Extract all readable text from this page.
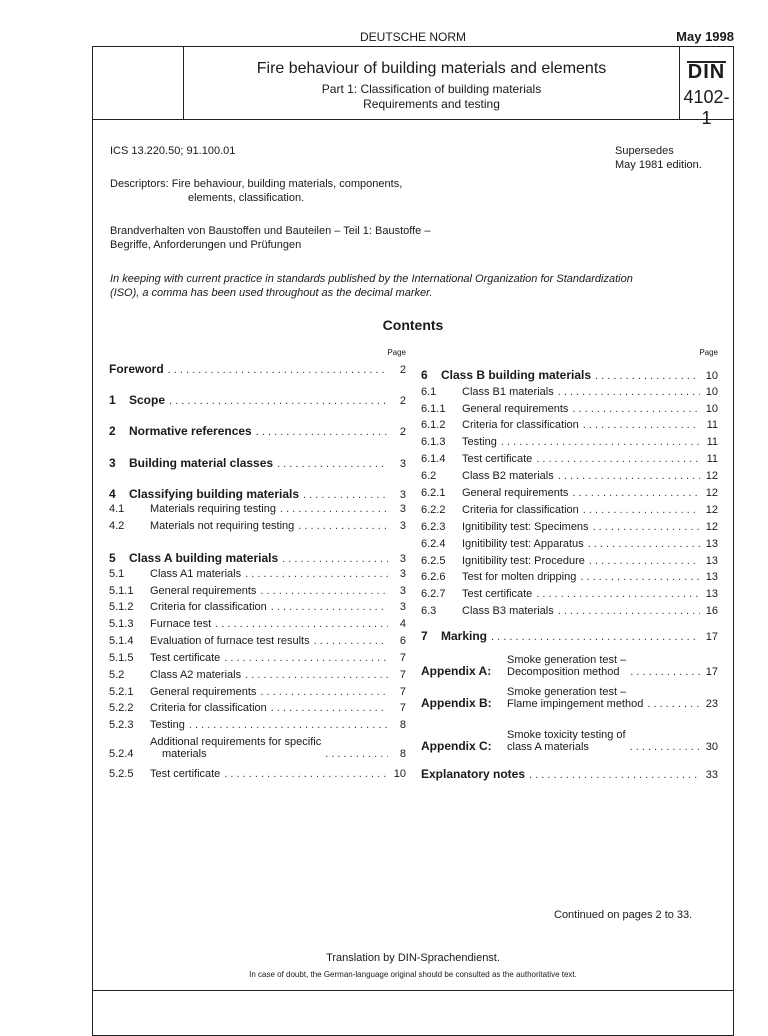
DEUTSCHE NORM	May 1998
Fire behaviour of building materials and elements
Part 1: Classification of building materials
Requirements and testing
DIN
4102-1
ICS 13.220.50; 91.100.01	Supersedes
May 1981 edition.
Descriptors: Fire behaviour, building materials, components,
elements, classification.
Brandverhalten von Baustoffen und Bauteilen – Teil 1: Baustoffe –
Begriffe, Anforderungen und Prüfungen
In keeping with current practice in standards published by the International Organization for Standardization
(ISO), a comma has been used throughout as the decimal marker.
Contents
Page	Page
Foreword . . .	2
1	Scope . . .	2
2	Normative references . . .	2
3	Building material classes . . .	3
4	Classifying building materials . . .	3
4.1	Materials requiring testing . . .	3
4.2	Materials not requiring testing . . .	3
5	Class A building materials . . .	3
5.1	Class A1 materials . . .	3
5.1.1	General requirements . . .	3
5.1.2	Criteria for classification . . .	3
5.1.3	Furnace test . . .	4
5.1.4	Evaluation of furnace test results . . .	6
5.1.5	Test certificate . . .	7
5.2	Class A2 materials . . .	7
5.2.1	General requirements . . .	7
5.2.2	Criteria for classification . . .	7
5.2.3	Testing . . .	8
5.2.4
Additional requirements for specific
materials . . .	8
5.2.5	Test certificate . . .	10
6	Class B building materials . . .	10
6.1	Class B1 materials . . .	10
6.1.1	General requirements . . .	10
6.1.2	Criteria for classification . . .	11
6.1.3	Testing . . .	11
6.1.4	Test certificate . . .	11
6.2	Class B2 materials . . .	12
6.2.1	General requirements . . .	12
6.2.2	Criteria for classification . . .	12
6.2.3	Ignitibility test: Specimens . . .	12
6.2.4	Ignitibility test: Apparatus . . .	13
6.2.5	Ignitibility test: Procedure . . .	13
6.2.6	Test for molten dripping . . .	13
6.2.7	Test certificate . . .	13
6.3	Class B3 materials . . .	16
7	Marking . . .	17
Appendix A:
Smoke generation test –
Decomposition method . . .	17
Appendix B:
Smoke generation test –
Flame impingement method . . .	23
Appendix C:
Smoke toxicity testing of
class A materials . . .	30
Explanatory notes . . .	33
Continued on pages 2 to 33.
Translation by DIN-Sprachendienst.
In case of doubt, the German-language original should be consulted as the authoritative text.
